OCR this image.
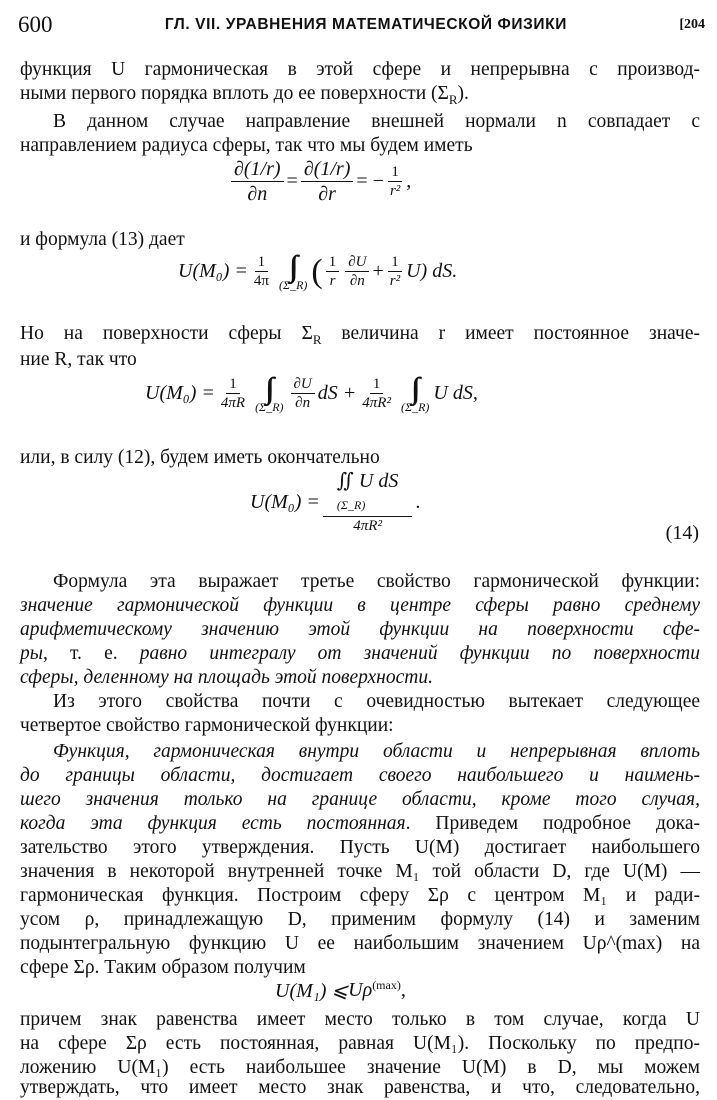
600	ГЛ. VII. УРАВНЕНИЯ МАТЕМАТИЧЕСКОЙ ФИЗИКИ	[204
функция U гармоническая в этой сфере и непрерывна с производ-
ными первого порядка вплоть до ее поверхности $(\Sigma_R)$.
В данном случае направление внешней нормали n совпадает с
направлением радиуса сферы, так что мы будем иметь
$\frac{\partial(1/r)}{\partial n} = \frac{\partial(1/r)}{\partial r}$ = − $\frac{1}{\text{r²}}$ ,
и формула (13) дает
$U(M_0) = \frac{1}{4\pi}$ ∫∫
(Σ_R) ( $\frac{1}{r} \frac{\partial U}{\partial n} + \frac{1}{\text{r²}} U$) dS.
Но на поверхности сферы $\Sigma_R$ величина r имеет постоянное значе-
ние R, так что
$U(M_0) = \frac{1}{4\pi R}$ ∫∫
(Σ_R) $\frac{\partial U}{\partial n}$ dS + $\frac{1}{\text{4πR²}}$ ∫∫
(Σ_R)
U dS,
или, в силу (12), будем иметь окончательно
U(M₀) =
∬ U dS
(Σ_R)
4πR²
.
(14)
Формула эта выражает третье свойство гармонической функции:
значение гармонической функции в центре сферы равно среднему
арифметическому значению этой функции на поверхности сфе-
ры, т. е. равно интегралу от значений функции по поверхности
сферы, деленному на площадь этой поверхности.
Из этого свойства почти с очевидностью вытекает следующее
четвертое свойство гармонической функции:
Функция, гармоническая внутри области и непрерывная вплоть
до границы области, достигает своего наибольшего и наимень-
шего значения только на границе области, кроме того случая,
когда эта функция есть постоянная. Приведем подробное дока-
зательство этого утверждения. Пусть U(M) достигает наибольшего
значения в некоторой внутренней точке M₁ той области D, где U(M) —
гармоническая функция. Построим сферу Σρ с центром M₁ и ради-
усом ρ, принадлежащую D, применим формулу (14) и заменим
подынтегральную функцию U ее наибольшим значением Uρ^(max) на
сфере Σρ. Таким образом получим
U(M₁) ⩽ $U\rho^{(max)}$ ,
причем знак равенства имеет место только в том случае, когда U
на сфере Σρ есть постоянная, равная U(M₁). Поскольку по предпо-
ложению U(M₁) есть наибольшее значение U(M) в D, мы можем
утверждать, что имеет место знак равенства, и что, следовательно,
